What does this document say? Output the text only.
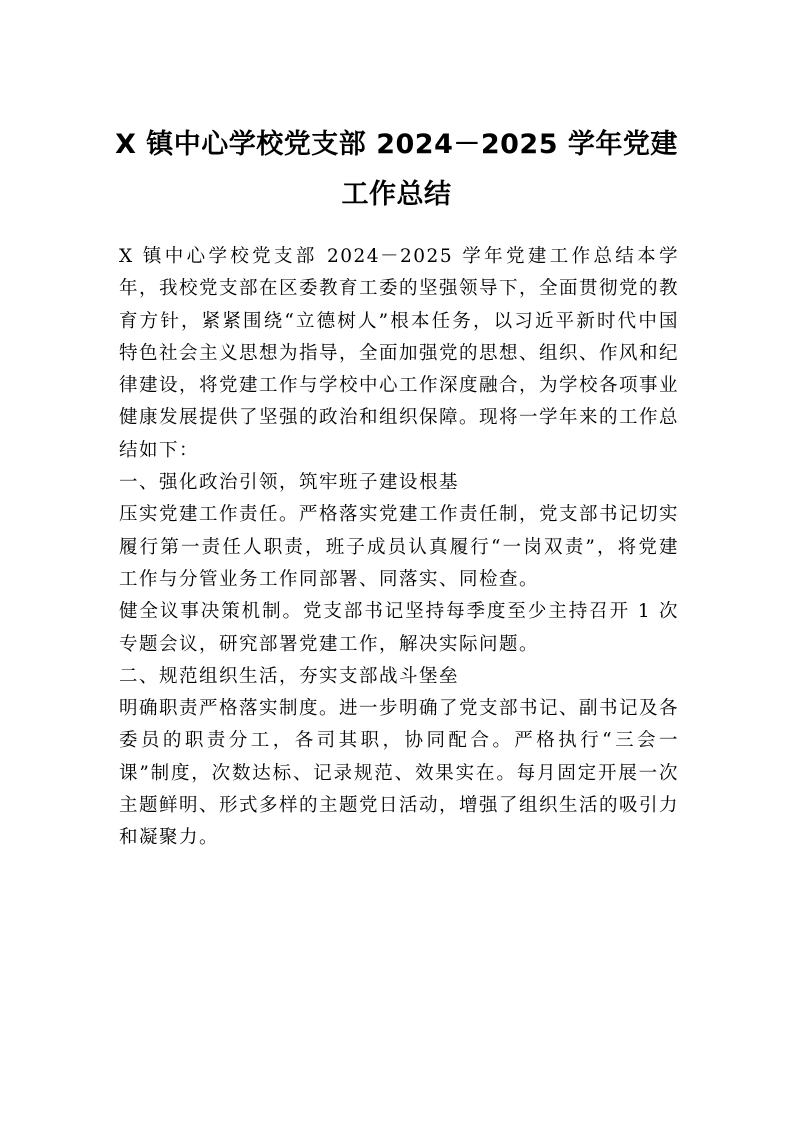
X 镇中心学校党支部 2024－2025 学年党建
工作总结

X 镇中心学校党支部 2024－2025 学年党建工作总结本学年，我校党支部在区委教育工委的坚强领导下，全面贯彻党的教育方针，紧紧围绕“立德树人”根本任务，以习近平新时代中国特色社会主义思想为指导，全面加强党的思想、组织、作风和纪律建设，将党建工作与学校中心工作深度融合，为学校各项事业健康发展提供了坚强的政治和组织保障。现将一学年来的工作总结如下：

一、强化政治引领，筑牢班子建设根基

压实党建工作责任。严格落实党建工作责任制，党支部书记切实履行第一责任人职责，班子成员认真履行“一岗双责”，将党建工作与分管业务工作同部署、同落实、同检查。

健全议事决策机制。党支部书记坚持每季度至少主持召开 1 次专题会议，研究部署党建工作，解决实际问题。

二、规范组织生活，夯实支部战斗堡垒

明确职责严格落实制度。进一步明确了党支部书记、副书记及各委员的职责分工，各司其职，协同配合。严格执行“三会一课”制度，次数达标、记录规范、效果实在。每月固定开展一次主题鲜明、形式多样的主题党日活动，增强了组织生活的吸引力和凝聚力。
